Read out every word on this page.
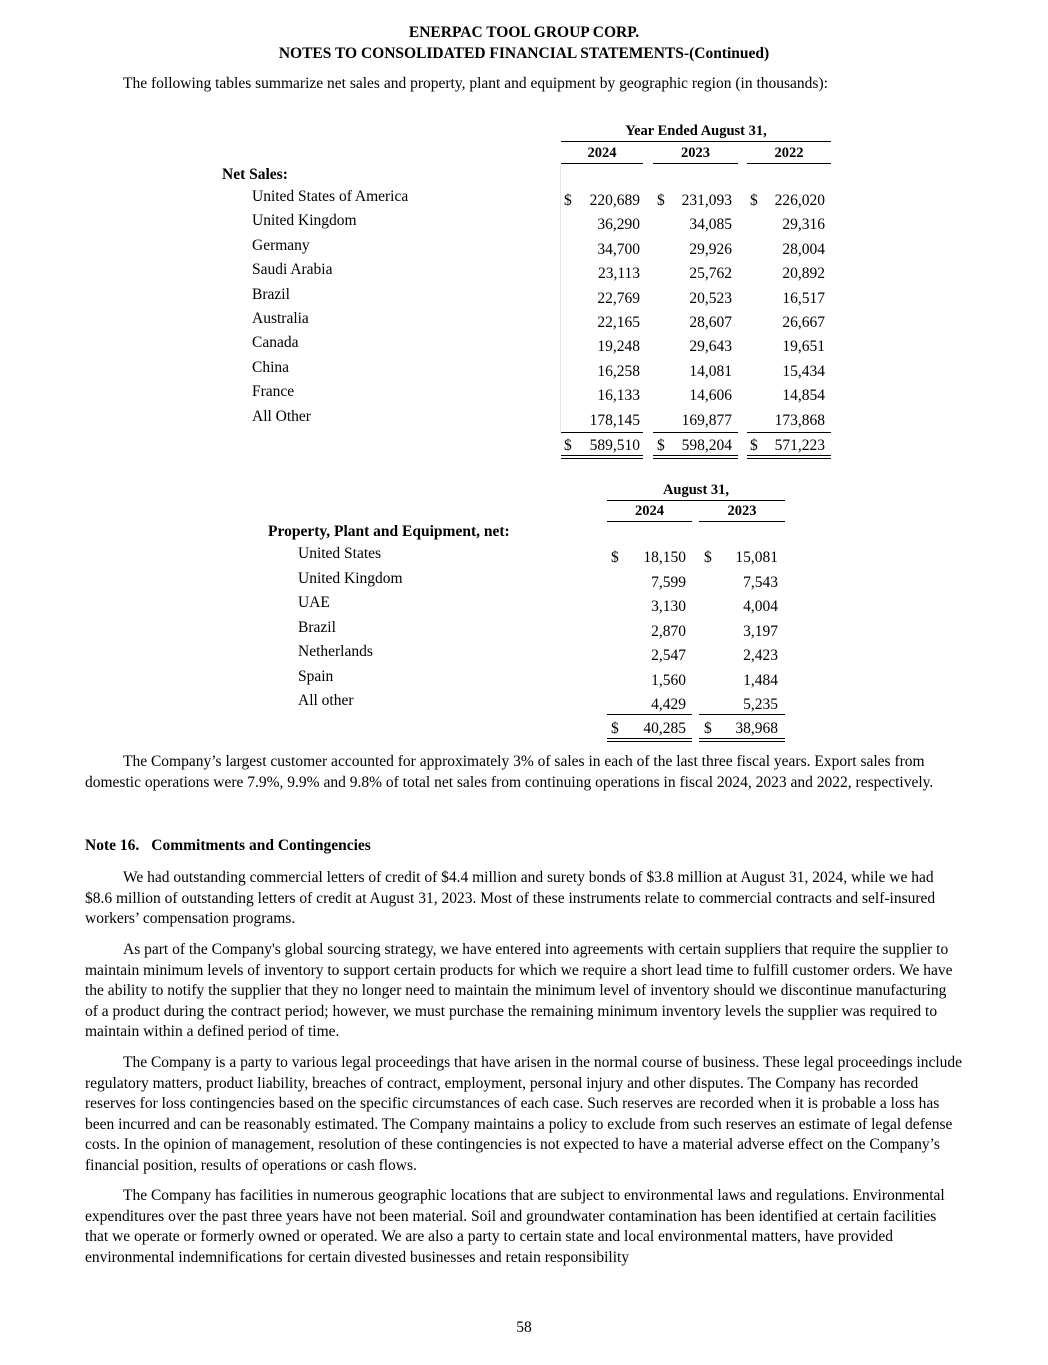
ENERPAC TOOL GROUP CORP.
NOTES TO CONSOLIDATED FINANCIAL STATEMENTS-(Continued)
The following tables summarize net sales and property, plant and equipment by geographic region (in thousands):
Year Ended August 31,
2024	2023	2022
Net Sales:
United States of America	$	220,689 $	231,093 $	226,020
United Kingdom	36,290	34,085	29,316
Germany	34,700	29,926	28,004
Saudi Arabia	23,113	25,762	20,892
Brazil	22,769	20,523	16,517
Australia	22,165	28,607	26,667
Canada	19,248	29,643	19,651
China	16,258	14,081	15,434
France	16,133	14,606	14,854
All Other	178,145	169,877	173,868
$	589,510 $	598,204 $	571,223
August 31,
2024	2023
Property, Plant and Equipment, net:
United States	$	18,150 $	15,081
United Kingdom	7,599	7,543
UAE	3,130	4,004
Brazil	2,870	3,197
Netherlands	2,547	2,423
Spain	1,560	1,484
All other	4,429	5,235
$	40,285 $	38,968
The Company’s largest customer accounted for approximately 3% of sales in each of the last three fiscal years. Export sales from domestic operations were 7.9%, 9.9% and 9.8% of total net sales from continuing operations in fiscal 2024, 2023 and 2022, respectively.
Note 16. Commitments and Contingencies
We had outstanding commercial letters of credit of $4.4 million and surety bonds of $3.8 million at August 31, 2024, while we had $8.6 million of outstanding letters of credit at August 31, 2023. Most of these instruments relate to commercial contracts and self-insured workers’ compensation programs.
As part of the Company's global sourcing strategy, we have entered into agreements with certain suppliers that require the supplier to maintain minimum levels of inventory to support certain products for which we require a short lead time to fulfill customer orders. We have the ability to notify the supplier that they no longer need to maintain the minimum level of inventory should we discontinue manufacturing of a product during the contract period; however, we must purchase the remaining minimum inventory levels the supplier was required to maintain within a defined period of time.
The Company is a party to various legal proceedings that have arisen in the normal course of business. These legal proceedings include regulatory matters, product liability, breaches of contract, employment, personal injury and other disputes. The Company has recorded reserves for loss contingencies based on the specific circumstances of each case. Such reserves are recorded when it is probable a loss has been incurred and can be reasonably estimated. The Company maintains a policy to exclude from such reserves an estimate of legal defense costs. In the opinion of management, resolution of these contingencies is not expected to have a material adverse effect on the Company’s financial position, results of operations or cash flows.
The Company has facilities in numerous geographic locations that are subject to environmental laws and regulations. Environmental expenditures over the past three years have not been material. Soil and groundwater contamination has been identified at certain facilities that we operate or formerly owned or operated. We are also a party to certain state and local environmental matters, have provided environmental indemnifications for certain divested businesses and retain responsibility
58
